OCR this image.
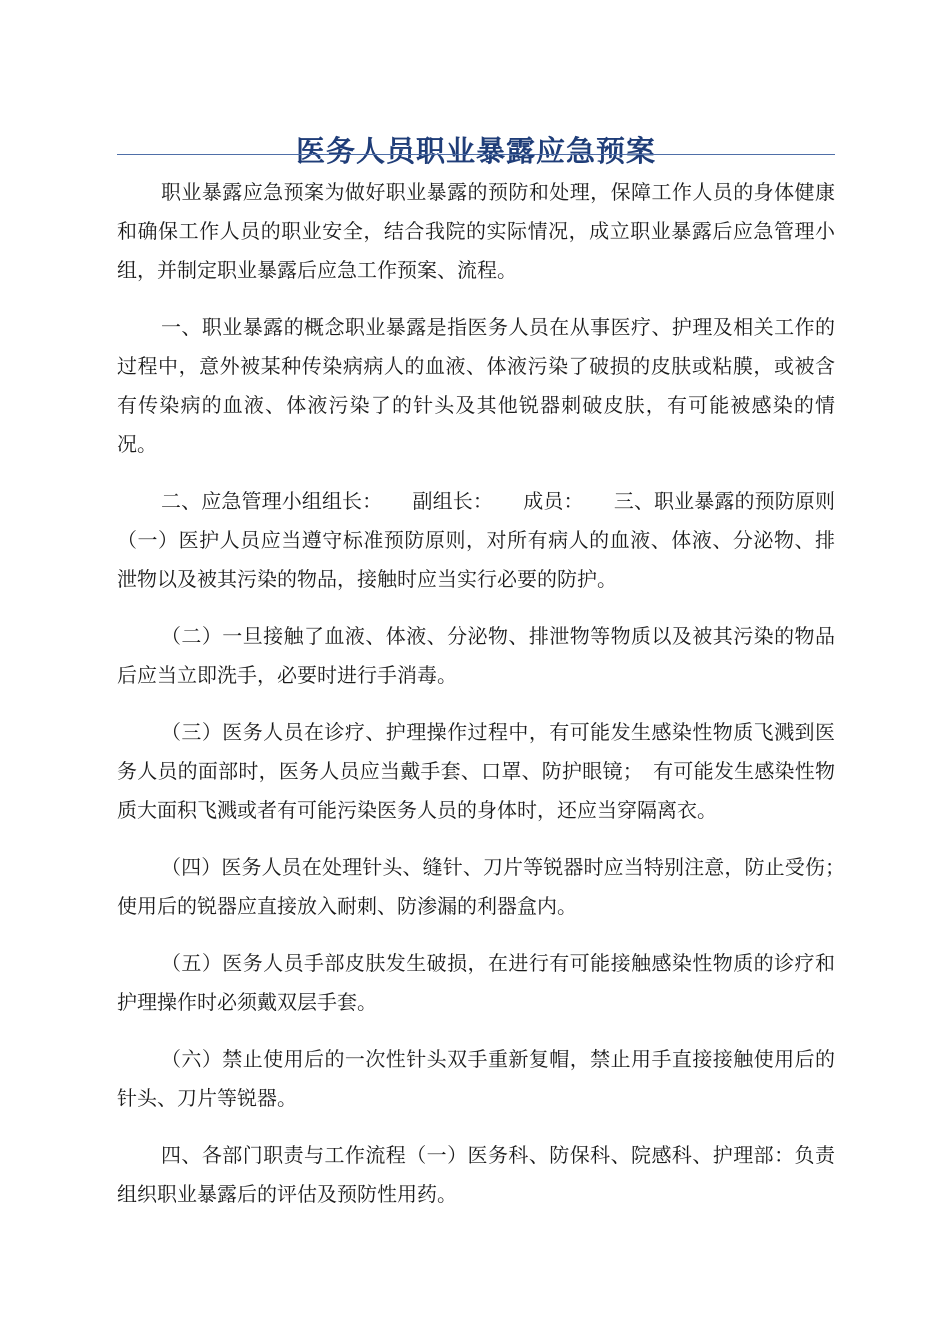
医务人员职业暴露应急预案

职业暴露应急预案为做好职业暴露的预防和处理，保障工作人员的身体健康和确保工作人员的职业安全，结合我院的实际情况，成立职业暴露后应急管理小组，并制定职业暴露后应急工作预案、流程。

一、职业暴露的概念职业暴露是指医务人员在从事医疗、护理及相关工作的过程中，意外被某种传染病病人的血液、体液污染了破损的皮肤或粘膜，或被含有传染病的血液、体液污染了的针头及其他锐器刺破皮肤，有可能被感染的情况。

二、应急管理小组组长：　　副组长：　　成员：　　三、职业暴露的预防原则（一）医护人员应当遵守标准预防原则，对所有病人的血液、体液、分泌物、排泄物以及被其污染的物品，接触时应当实行必要的防护。

（二）一旦接触了血液、体液、分泌物、排泄物等物质以及被其污染的物品后应当立即洗手，必要时进行手消毒。

（三）医务人员在诊疗、护理操作过程中，有可能发生感染性物质飞溅到医务人员的面部时，医务人员应当戴手套、口罩、防护眼镜；　有可能发生感染性物质大面积飞溅或者有可能污染医务人员的身体时，还应当穿隔离衣。

（四）医务人员在处理针头、缝针、刀片等锐器时应当特别注意，防止受伤；　使用后的锐器应直接放入耐刺、防渗漏的利器盒内。

（五）医务人员手部皮肤发生破损，在进行有可能接触感染性物质的诊疗和护理操作时必须戴双层手套。

（六）禁止使用后的一次性针头双手重新复帽，禁止用手直接接触使用后的针头、刀片等锐器。

四、各部门职责与工作流程（一）医务科、防保科、院感科、护理部：负责组织职业暴露后的评估及预防性用药。
